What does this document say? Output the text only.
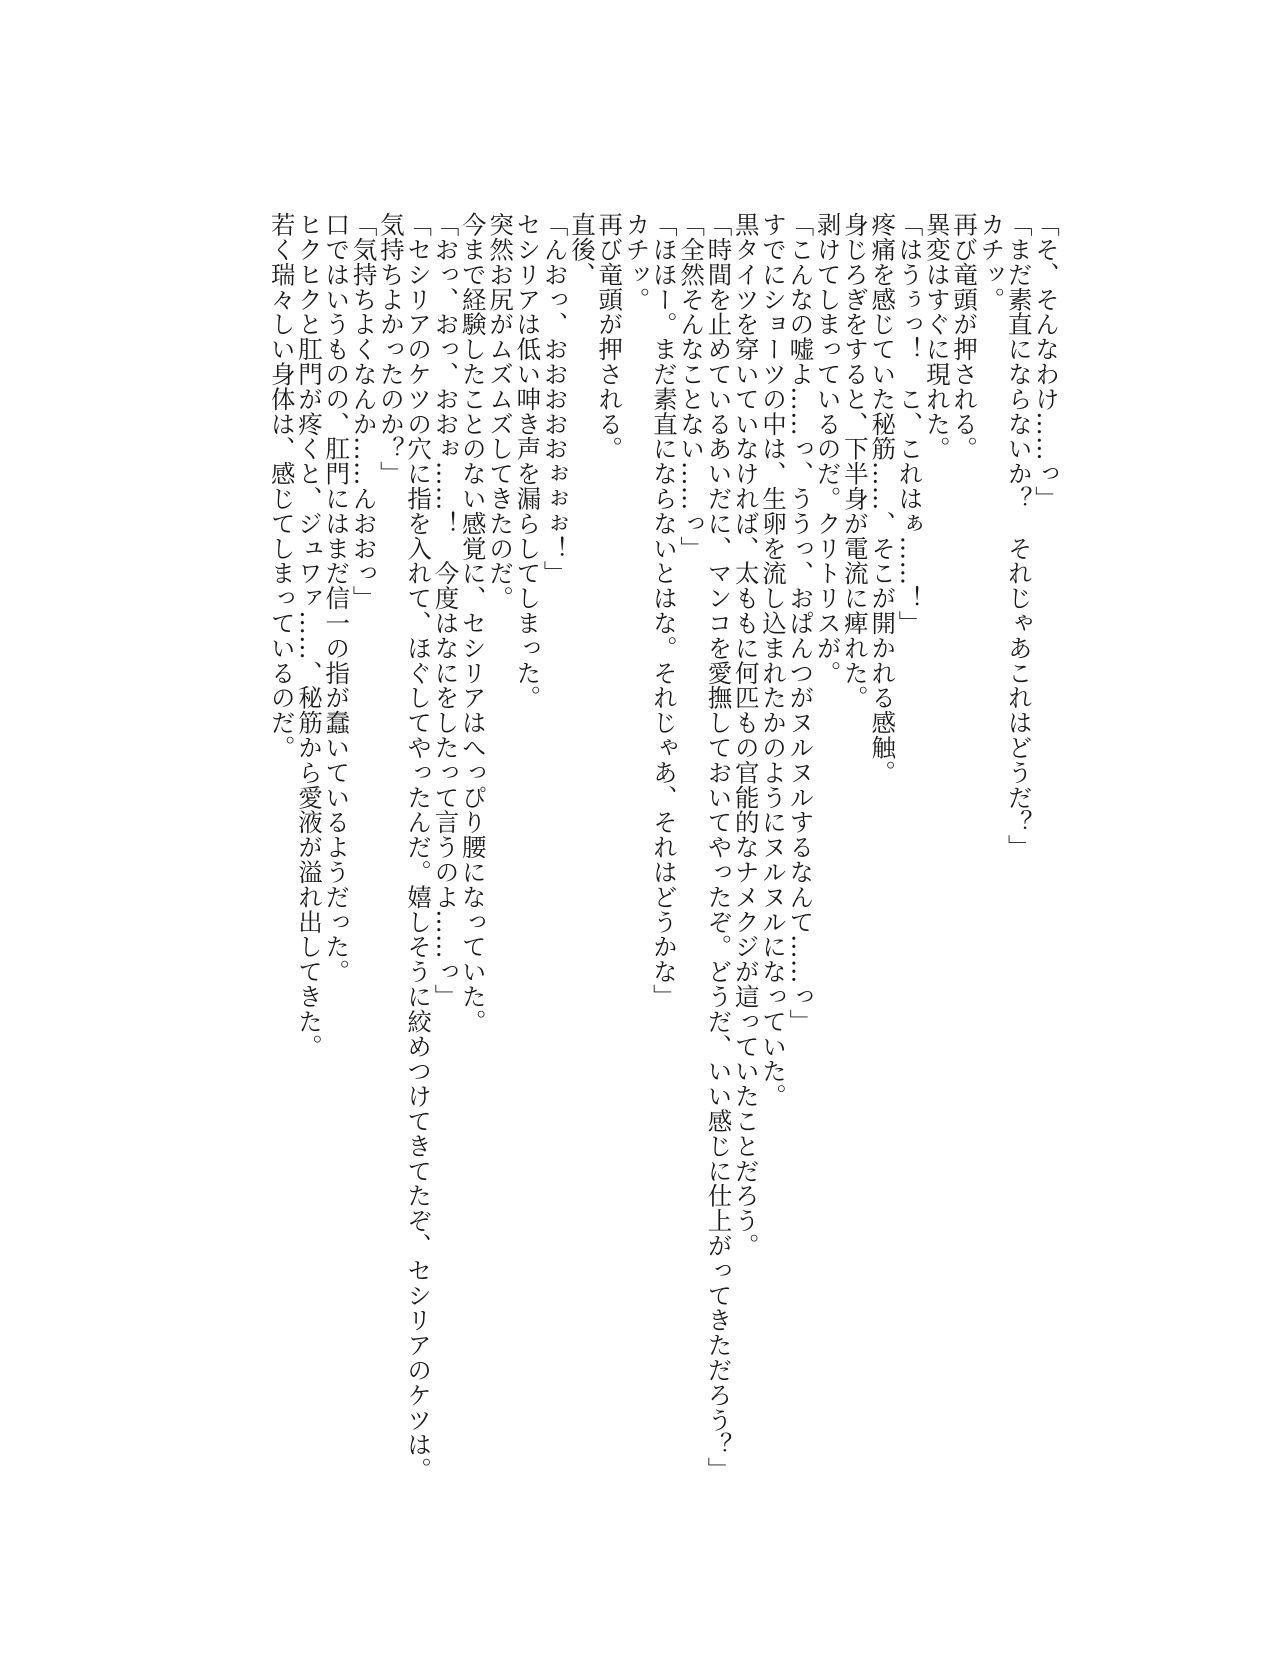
「そ、そんなわけ……っ」

「まだ素直にならないか？　それじゃあこれはどうだ？」

カチッ。

再び竜頭が押される。

異変はすぐに現れた。

「はうぅっ！　こ、これはぁ……！」

疼痛を感じていた秘筋……、そこが開かれる感触。

身じろぎをすると、下半身が電流に痺れた。

剥けてしまっているのだ。クリトリスが。

「こんなの嘘よ……っ、ううっ、おぱんつがヌルヌルするなんて……っ」

すでにショーツの中は、生卵を流し込まれたかのようにヌルヌルになっていた。

黒タイツを穿いていなければ、太ももに何匹もの官能的なナメクジが這っていたことだろう。

「時間を止めているあいだに、マンコを愛撫しておいてやったぞ。どうだ、いい感じに仕上がってきただろう？」

「全然そんなことない……っ」

「ほほー。まだ素直にならないとはな。それじゃあ、それはどうかな」

カチッ。

再び竜頭が押される。

直後、

「んおっ、おおおおおぉぉぉ！」

セシリアは低い呻き声を漏らしてしまった。

突然お尻がムズムズしてきたのだ。

今まで経験したことのない感覚に、セシリアはへっぴり腰になっていた。

「おっ、おっ、おおぉ……！　今度はなにをしたって言うのよ……っ」

「セシリアのケツの穴に指を入れて、ほぐしてやったんだ。嬉しそうに絞めつけてきてたぞ、セシリアのケツは。気持ちよかったのか？」

「気持ちよくなんか……んおおっ」

口ではいうものの、肛門にはまだ信一の指が蠢いているようだった。

ヒクヒクと肛門が疼くと、ジュワァ……、秘筋から愛液が溢れ出してきた。

若く瑞々しい身体は、感じてしまっているのだ。
